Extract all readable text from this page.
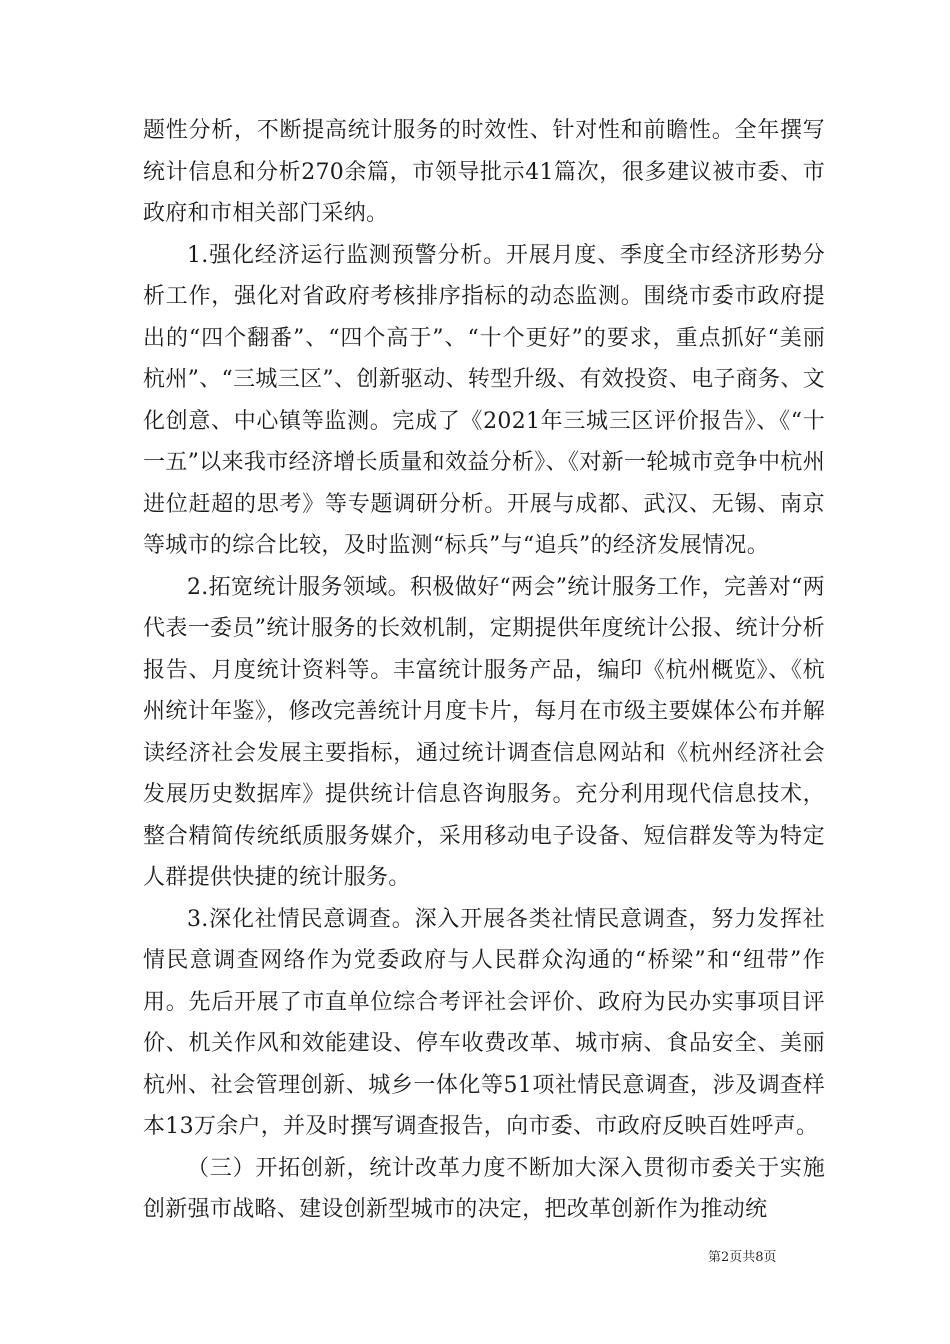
题性分析，不断提高统计服务的时效性、针对性和前瞻性。全年撰写统计信息和分析270余篇，市领导批示41篇次，很多建议被市委、市政府和市相关部门采纳。

1.强化经济运行监测预警分析。开展月度、季度全市经济形势分析工作，强化对省政府考核排序指标的动态监测。围绕市委市政府提出的“四个翻番”、“四个高于”、“十个更好”的要求，重点抓好“美丽杭州”、“三城三区”、创新驱动、转型升级、有效投资、电子商务、文化创意、中心镇等监测。完成了《2021年三城三区评价报告》、《“十一五”以来我市经济增长质量和效益分析》、《对新一轮城市竞争中杭州进位赶超的思考》等专题调研分析。开展与成都、武汉、无锡、南京等城市的综合比较，及时监测“标兵”与“追兵”的经济发展情况。

2.拓宽统计服务领域。积极做好“两会”统计服务工作，完善对“两代表一委员”统计服务的长效机制，定期提供年度统计公报、统计分析报告、月度统计资料等。丰富统计服务产品，编印《杭州概览》、《杭州统计年鉴》，修改完善统计月度卡片，每月在市级主要媒体公布并解读经济社会发展主要指标，通过统计调查信息网站和《杭州经济社会发展历史数据库》提供统计信息咨询服务。充分利用现代信息技术，整合精简传统纸质服务媒介，采用移动电子设备、短信群发等为特定人群提供快捷的统计服务。

3.深化社情民意调查。深入开展各类社情民意调查，努力发挥社情民意调查网络作为党委政府与人民群众沟通的“桥梁”和“纽带”作用。先后开展了市直单位综合考评社会评价、政府为民办实事项目评价、机关作风和效能建设、停车收费改革、城市病、食品安全、美丽杭州、社会管理创新、城乡一体化等51项社情民意调查，涉及调查样本13万余户，并及时撰写调查报告，向市委、市政府反映百姓呼声。

（三）开拓创新，统计改革力度不断加大深入贯彻市委关于实施创新强市战略、建设创新型城市的决定，把改革创新作为推动统

第2页共8页
